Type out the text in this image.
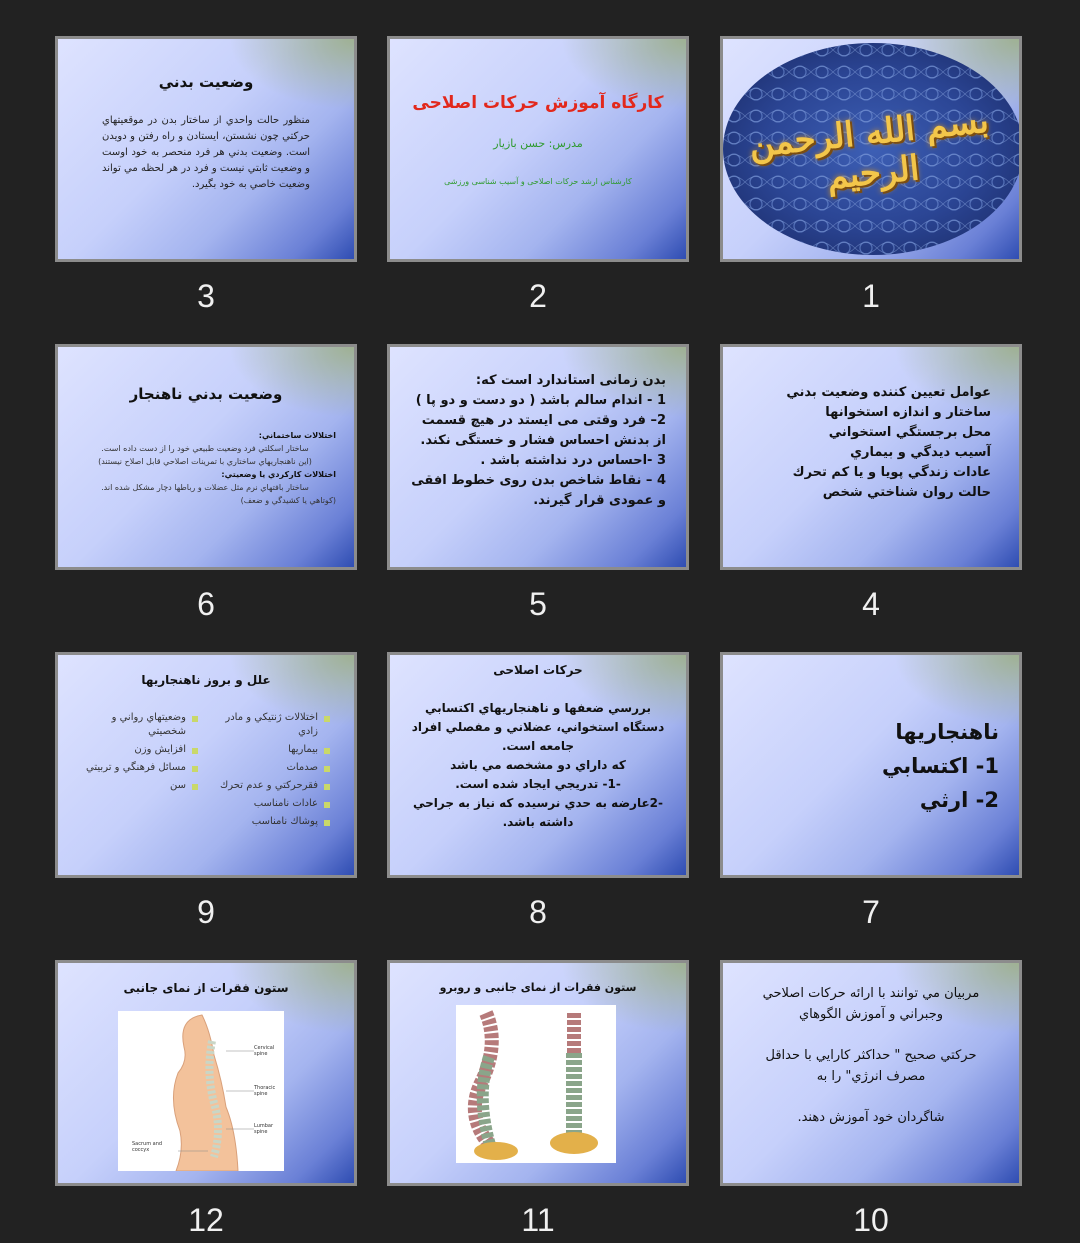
بسم الله الرحمن الرحیم
1
کارگاه آموزش حرکات اصلاحی
مدرس: حسن بازیار
کارشناس ارشد حرکات اصلاحی و آسیب شناسی ورزشی
2
وضعيت بدني
منظور حالت واحدي از ساختار بدن در موقعيتهاي حركتي چون نشستن، ايستادن و راه رفتن و دويدن است. وضعيت بدني هر فرد منحصر به خود اوست و وضعيت ثابتي نيست و فرد در هر لحظه مي تواند وضعيت خاصي به خود بگيرد.
3
عوامل تعيين كننده وضعيت بدني
ساختار و اندازه استخوانها
محل برجستگي استخواني
آسيب ديدگي و بيماري
عادات زندگي پويا و يا كم تحرك
حالت روان شناختي شخص
4
بدن زمانی استاندارد است که:
1 - اندام سالم باشد ( دو دست و دو پا )
2– فرد وقتی می ایستد در هیچ قسمت از بدنش احساس فشار و خستگی نکند.
3 -احساس درد نداشته باشد .
4 – نقاط شاخص بدن روی خطوط افقی و عمودی قرار گیرند.
5
وضعيت بدني ناهنجار
اختلالات ساختماني:
ساختار اسكلتي فرد وضعيت طبيعي خود را از دست داده است.
(اين ناهنجاريهاي ساختاري با تمرينات اصلاحي قابل اصلاح نيستند)
اختلالات كاركردي يا وضعيتي:
ساختار بافتهاي نرم مثل عضلات و رباطها دچار مشكل شده اند.
(كوتاهي يا كشيدگي و ضعف)
6
ناهنجاريها
1- اكتسابي
2- ارثي
7
حرکات اصلاحی
بررسي ضعفها و ناهنجاريهاي اكتسابي دستگاه استخواني، عضلاني و مفصلي افراد جامعه است.
که داراي دو مشخصه مي باشد
-1- تدريجي ايجاد شده است.
-2عارضه به حدي نرسيده كه نياز به جراحي داشته باشد.
8
علل و بروز ناهنجاريها
اختلالات ژنتيكي و مادر زادي
بيماريها
صدمات
فقرحركتي و عدم تحرك
عادات نامناسب
پوشاك نامناسب
وضعيتهاي رواني و شخصيتي
افزايش وزن
مسائل فرهنگي و تربيتي
سن
9
مربيان مي توانند با ارائه حركات اصلاحي وجبراني و آموزش الگوهاي
حركتي صحيح " حداكثر كارايي با حداقل مصرف انرژي" را به
شاگردان خود آموزش دهند.
10
ستون فقرات از نمای جانبی و روبرو
11
ستون فقرات از نمای جانبی
Cervical spine
Thoracic spine
Lumbar spine
Sacrum and coccyx
12
